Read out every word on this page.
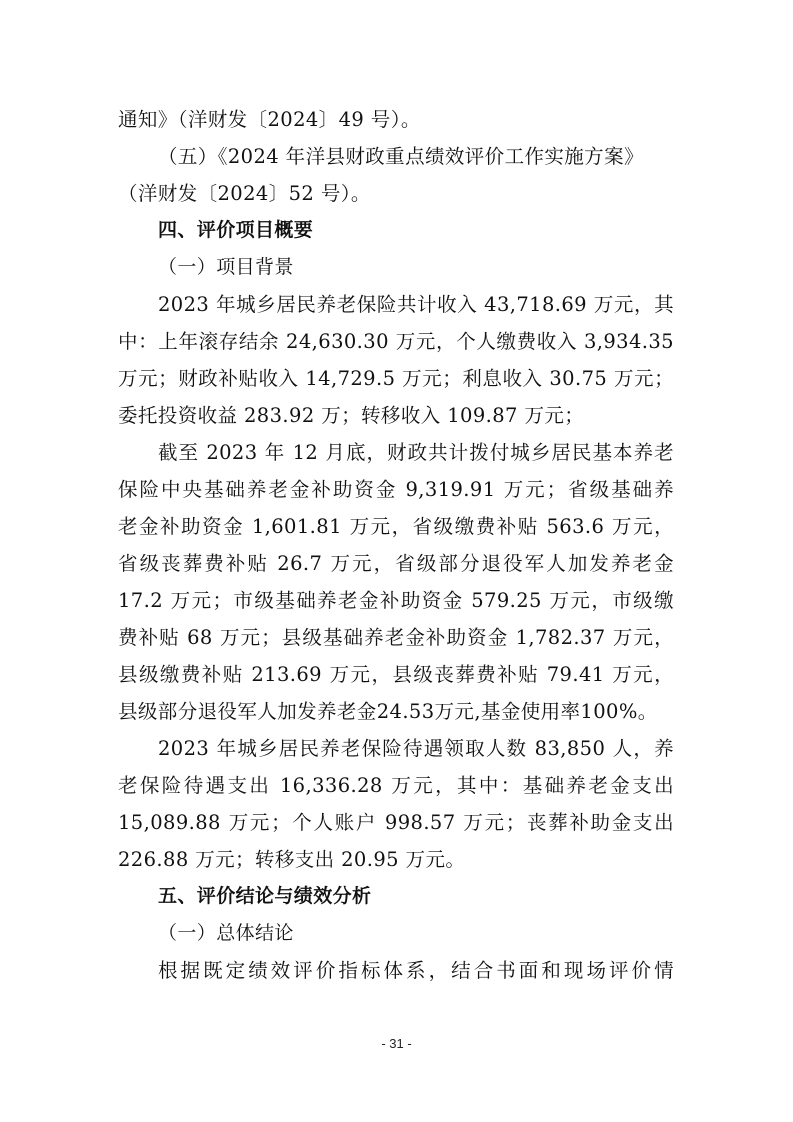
通知》（洋财发〔2024〕49 号）。
（五）《2024 年洋县财政重点绩效评价工作实施方案》
（洋财发〔2024〕52 号）。
四、评价项目概要
（一）项目背景
2023 年城乡居民养老保险共计收入 43,718.69 万元，其
中：上年滚存结余 24,630.30 万元，个人缴费收入 3,934.35
万元；财政补贴收入 14,729.5 万元；利息收入 30.75 万元；
委托投资收益 283.92 万；转移收入 109.87 万元；
截至 2023 年 12 月底，财政共计拨付城乡居民基本养老
保险中央基础养老金补助资金 9,319.91 万元；省级基础养
老金补助资金 1,601.81 万元，省级缴费补贴 563.6 万元，
省级丧葬费补贴 26.7 万元，省级部分退役军人加发养老金
17.2 万元；市级基础养老金补助资金 579.25 万元，市级缴
费补贴 68 万元；县级基础养老金补助资金 1,782.37 万元，
县级缴费补贴 213.69 万元，县级丧葬费补贴 79.41 万元，
县级部分退役军人加发养老金24.53万元,基金使用率100%。
2023 年城乡居民养老保险待遇领取人数 83,850 人，养
老保险待遇支出 16,336.28 万元，其中：基础养老金支出
15,089.88 万元；个人账户 998.57 万元；丧葬补助金支出
226.88 万元；转移支出 20.95 万元。
五、评价结论与绩效分析
（一）总体结论
根据既定绩效评价指标体系，结合书面和现场评价情
- 31 -
